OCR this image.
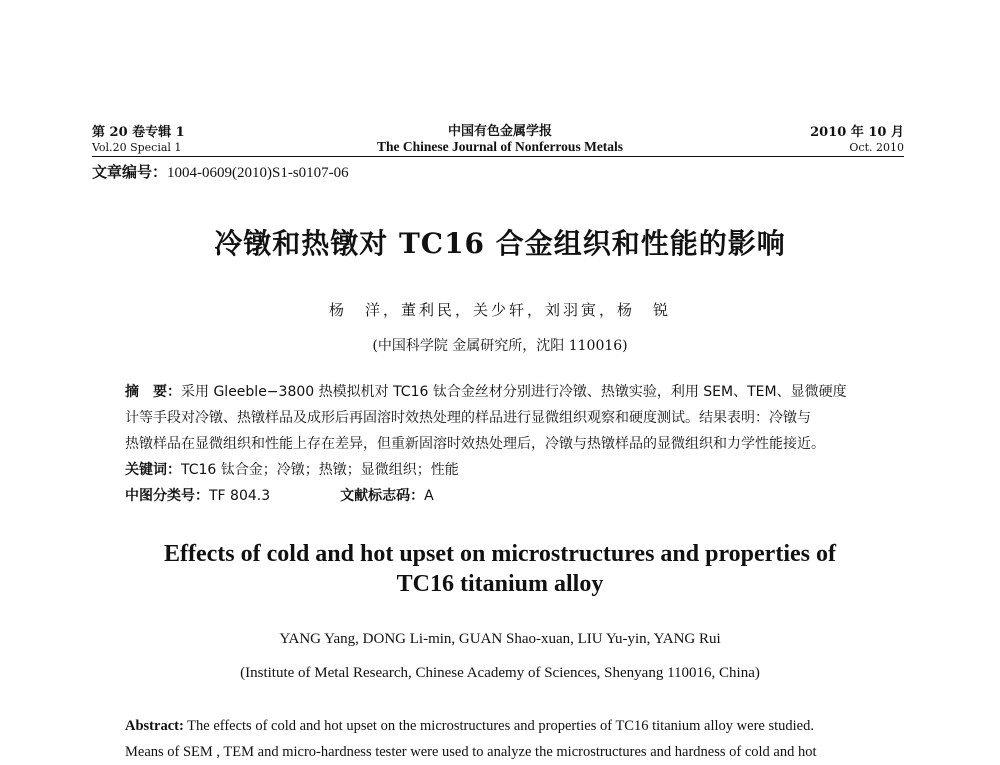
第 20 卷专辑 1
Vol.20 Special 1
中国有色金属学报
The Chinese Journal of Nonferrous Metals
2010 年 10 月
Oct. 2010
文章编号：1004-0609(2010)S1-s0107-06
冷镦和热镦对 TC16 合金组织和性能的影响
杨　洋，董利民，关少轩，刘羽寅，杨　锐
(中国科学院 金属研究所，沈阳 110016)
摘　要：采用 Gleeble−3800 热模拟机对 TC16 钛合金丝材分别进行冷镦、热镦实验，利用 SEM、TEM、显微硬度
计等手段对冷镦、热镦样品及成形后再固溶时效热处理的样品进行显微组织观察和硬度测试。结果表明：冷镦与
热镦样品在显微组织和性能上存在差异，但重新固溶时效热处理后，冷镦与热镦样品的显微组织和力学性能接近。
关键词：TC16 钛合金；冷镦；热镦；显微组织；性能
中图分类号：TF 804.3	文献标志码：A
Effects of cold and hot upset on microstructures and properties of
TC16 titanium alloy
YANG Yang, DONG Li-min, GUAN Shao-xuan, LIU Yu-yin, YANG Rui
(Institute of Metal Research, Chinese Academy of Sciences, Shenyang 110016, China)
Abstract: The effects of cold and hot upset on the microstructures and properties of TC16 titanium alloy were studied.
Means of SEM , TEM and micro-hardness tester were used to analyze the microstructures and hardness of cold and hot
